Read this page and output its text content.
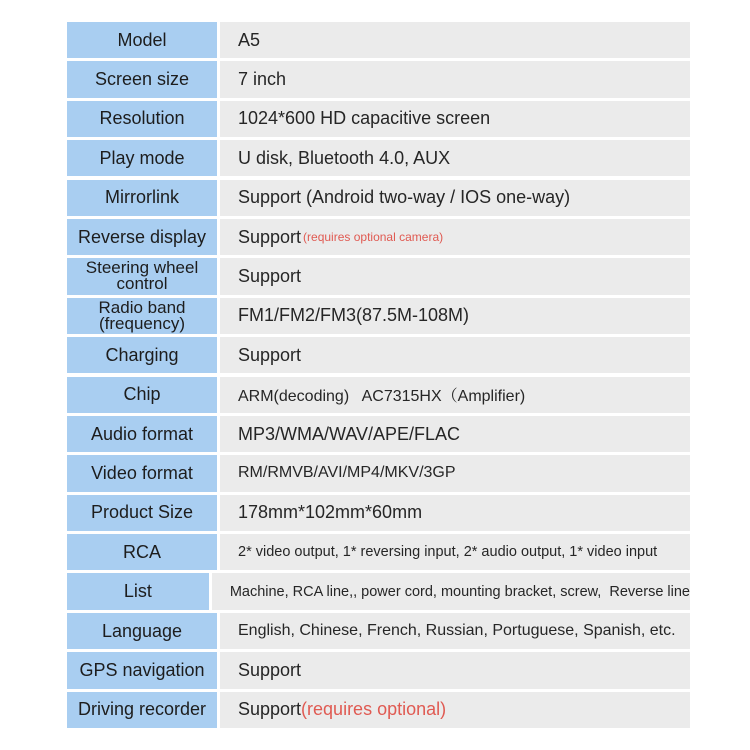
Model	A5
Screen size	7 inch
Resolution	1024*600 HD capacitive screen
Play mode	U disk, Bluetooth 4.0, AUX
Mirrorlink	Support (Android two-way / IOS one-way)
Reverse display	Support (requires optional camera)
Steering wheel control	Support
Radio band (frequency)	FM1/FM2/FM3(87.5M-108M)
Charging	Support
Chip	ARM(decoding)   AC7315HX（Amplifier)
Audio format	MP3/WMA/WAV/APE/FLAC
Video format	RM/RMVB/AVI/MP4/MKV/3GP
Product Size	178mm*102mm*60mm
RCA	2* video output, 1* reversing input, 2* audio output, 1* video input
List	Machine, RCA line,, power cord, mounting bracket, screw,  Reverse line
Language	English, Chinese, French, Russian, Portuguese, Spanish, etc.
GPS navigation	Support
Driving recorder	Support (requires optional)
